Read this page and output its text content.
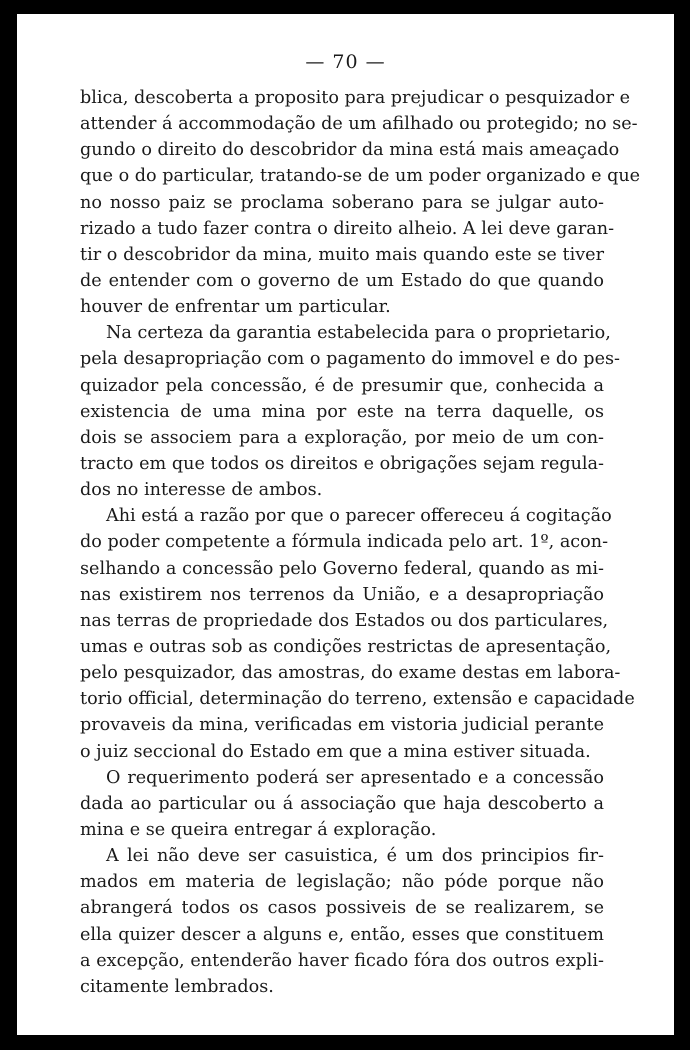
— 70 —
blica, descoberta a proposito para prejudicar o pesquizador e
attender á accommodação de um afilhado ou protegido; no se-
gundo o direito do descobridor da mina está mais ameaçado
que o do particular, tratando-se de um poder organizado e que
no nosso paiz se proclama soberano para se julgar auto-
rizado a tudo fazer contra o direito alheio. A lei deve garan-
tir o descobridor da mina, muito mais quando este se tiver
de entender com o governo de um Estado do que quando
houver de enfrentar um particular.
Na certeza da garantia estabelecida para o proprietario,
pela desapropriação com o pagamento do immovel e do pes-
quizador pela concessão, é de presumir que, conhecida a
existencia de uma mina por este na terra daquelle, os
dois se associem para a exploração, por meio de um con-
tracto em que todos os direitos e obrigações sejam regula-
dos no interesse de ambos.
Ahi está a razão por que o parecer offereceu á cogitação
do poder competente a fórmula indicada pelo art. 1º, acon-
selhando a concessão pelo Governo federal, quando as mi-
nas existirem nos terrenos da União, e a desapropriação
nas terras de propriedade dos Estados ou dos particulares,
umas e outras sob as condições restrictas de apresentação,
pelo pesquizador, das amostras, do exame destas em labora-
torio official, determinação do terreno, extensão e capacidade
provaveis da mina, verificadas em vistoria judicial perante
o juiz seccional do Estado em que a mina estiver situada.
O requerimento poderá ser apresentado e a concessão
dada ao particular ou á associação que haja descoberto a
mina e se queira entregar á exploração.
A lei não deve ser casuistica, é um dos principios fir-
mados em materia de legislação; não póde porque não
abrangerá todos os casos possiveis de se realizarem, se
ella quizer descer a alguns e, então, esses que constituem
a excepção, entenderão haver ficado fóra dos outros expli-
citamente lembrados.
